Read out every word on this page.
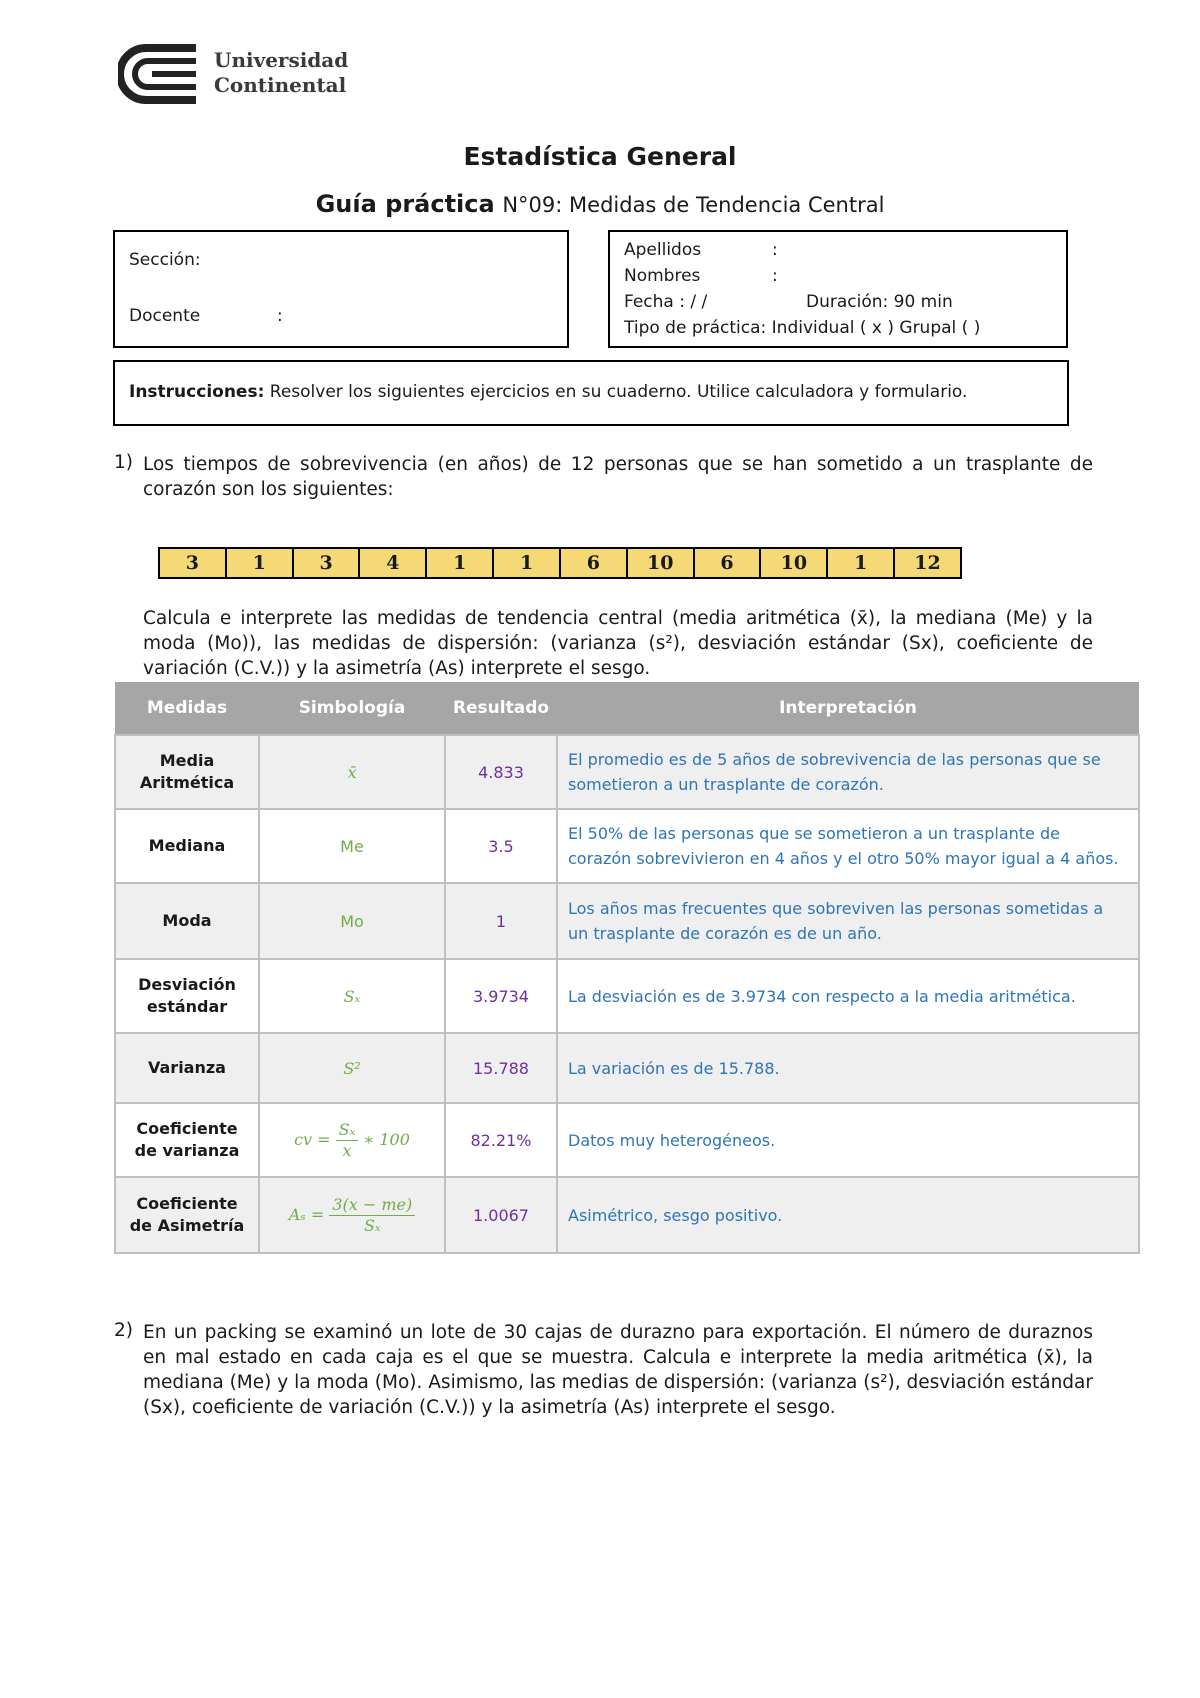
Universidad
Continental
Estadística General
Guía práctica N°09: Medidas de Tendencia Central
Sección:
Docente	:
Apellidos	:
Nombres	:
Fecha : / /	Duración: 90 min
Tipo de práctica: Individual ( x ) Grupal ( )
Instrucciones: Resolver los siguientes ejercicios en su cuaderno. Utilice calculadora y formulario.
1) Los tiempos de sobrevivencia (en años) de 12 personas que se han sometido a un trasplante de corazón son los siguientes:
3	1	3	4	1	1	6	10	6	10	1	12
Calcula e interprete las medidas de tendencia central (media aritmética (x̄), la mediana (Me) y la moda (Mo)), las medidas de dispersión: (varianza (s²), desviación estándar (Sx), coeficiente de variación (C.V.)) y la asimetría (As) interprete el sesgo.
Medidas	Simbología	Resultado	Interpretación
Media Aritmética	x̄	4.833	El promedio es de 5 años de sobrevivencia de las personas que se sometieron a un trasplante de corazón.
Mediana	Me	3.5	El 50% de las personas que se sometieron a un trasplante de corazón sobrevivieron en 4 años y el otro 50% mayor igual a 4 años.
Moda	Mo	1	Los años mas frecuentes que sobreviven las personas sometidas a un trasplante de corazón es de un año.
Desviación estándar	Sₓ	3.9734	La desviación es de 3.9734 con respecto a la media aritmética.
Varianza	S²	15.788	La variación es de 15.788.
Coeficiente de varianza	cv = $\frac{\text{Sₓ}}{x}$ ∗ 100	82.21%	Datos muy heterogéneos.
Coeficiente de Asimetría	$A_s = \frac{3(x - me)}{\text{Sₓ}}$	1.0067	Asimétrico, sesgo positivo.
2) En un packing se examinó un lote de 30 cajas de durazno para exportación. El número de duraznos en mal estado en cada caja es el que se muestra. Calcula e interprete la media aritmética (x̄), la mediana (Me) y la moda (Mo). Asimismo, las medias de dispersión: (varianza (s²), desviación estándar (Sx), coeficiente de variación (C.V.)) y la asimetría (As) interprete el sesgo.
